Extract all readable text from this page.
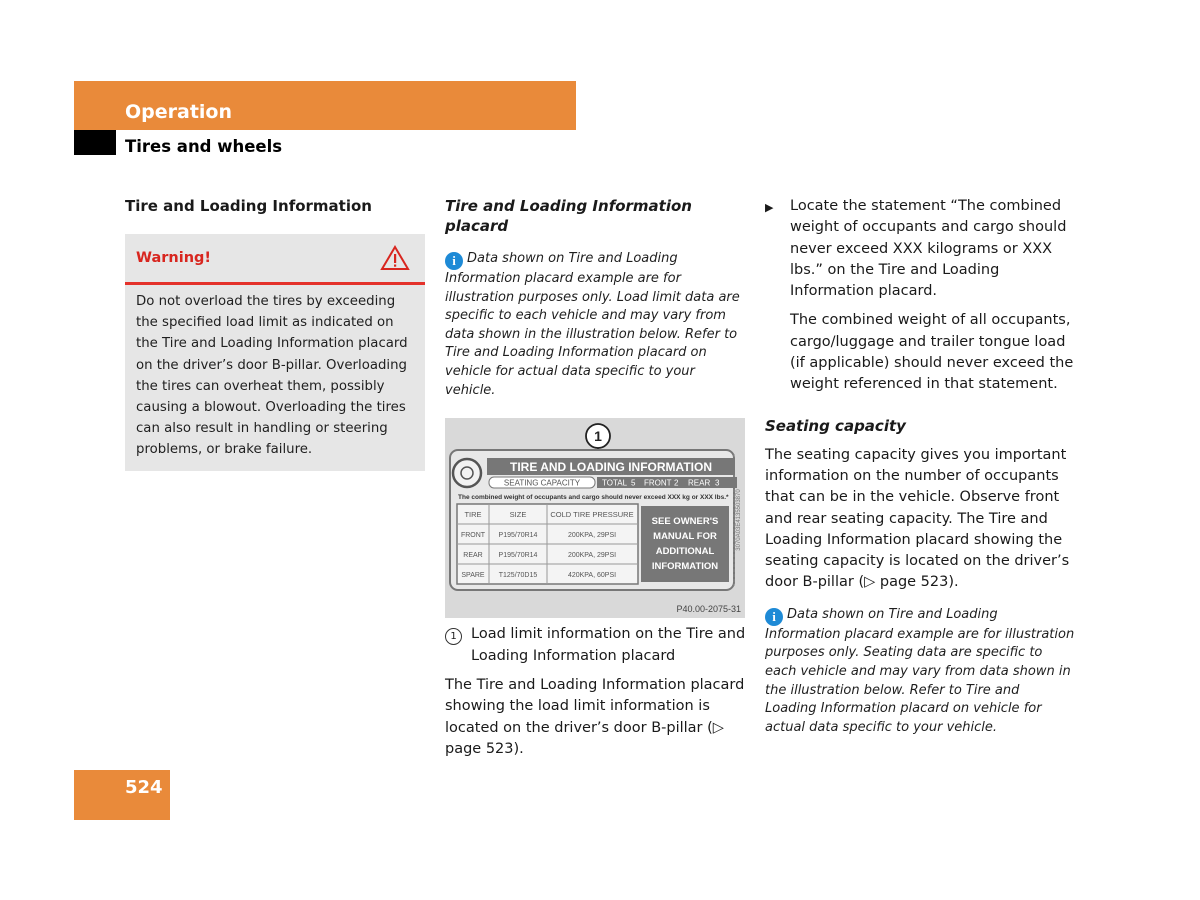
Operation
Tires and wheels

Tire and Loading Information

Warning!
Do not overload the tires by exceeding the specified load limit as indicated on the Tire and Loading Information placard on the driver’s door B-pillar. Overloading the tires can overheat them, possibly causing a blowout. Overloading the tires can also result in handling or steering problems, or brake failure.

Tire and Loading Information placard

i Data shown on Tire and Loading Information placard example are for illustration purposes only. Load limit data are specific to each vehicle and may vary from data shown in the illustration below. Refer to Tire and Loading Information placard on vehicle for actual data specific to your vehicle.
1
TIRE AND LOADING INFORMATION
SEATING CAPACITY	TOTAL 5 FRONT 2 REAR 3
The combined weight of occupants and cargo should never exceed XXX kg or XXX lbs.*
TIRE	SIZE	COLD TIRE PRESSURE
FRONT P195/70R14	200KPA, 29PSI
REAR P195/70R14	200KPA, 29PSI
SPARE T125/70D15	420KPA, 60PSI
SEE OWNER'S
MANUAL FOR
ADDITIONAL
INFORMATION
3070A03E4135503870
P40.00-2075-31
1 Load limit information on the Tire and Loading Information placard

The Tire and Loading Information placard showing the load limit information is located on the driver’s door B-pillar (▷ page 523).

▶	Locate the statement “The combined weight of occupants and cargo should never exceed XXX kilograms or XXX lbs.” on the Tire and Loading Information placard.

The combined weight of all occupants, cargo/luggage and trailer tongue load (if applicable) should never exceed the weight referenced in that statement.

Seating capacity

The seating capacity gives you important information on the number of occupants that can be in the vehicle. Observe front and rear seating capacity. The Tire and Loading Information placard showing the seating capacity is located on the driver’s door B-pillar (▷ page 523).

i Data shown on Tire and Loading Information placard example are for illustration purposes only. Seating data are specific to each vehicle and may vary from data shown in the illustration below. Refer to Tire and Loading Information placard on vehicle for actual data specific to your vehicle.
524
